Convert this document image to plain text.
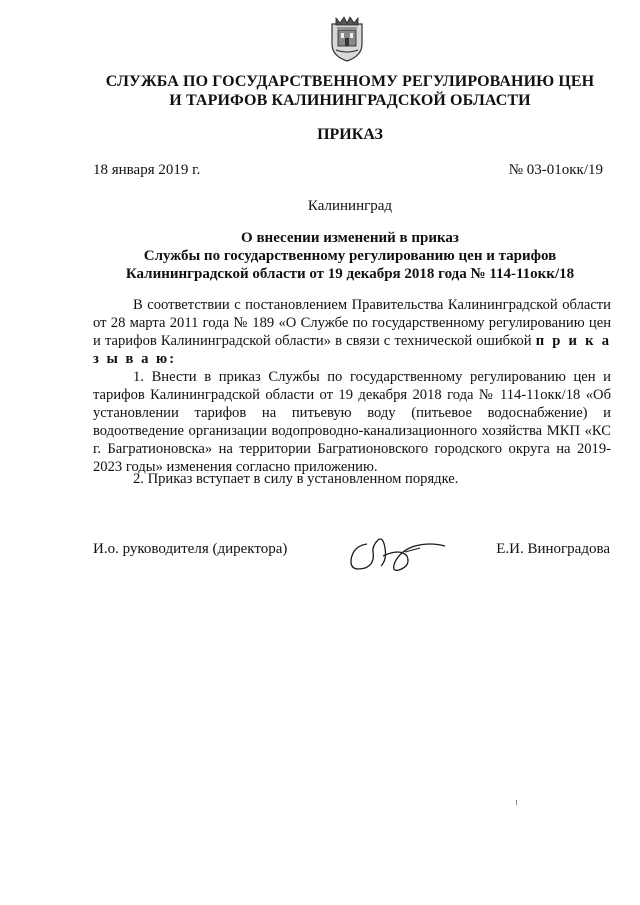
СЛУЖБА ПО ГОСУДАРСТВЕННОМУ РЕГУЛИРОВАНИЮ ЦЕН
И ТАРИФОВ КАЛИНИНГРАДСКОЙ ОБЛАСТИ
ПРИКАЗ
18 января 2019 г.	№ 03-01окк/19
Калининград
О внесении изменений в приказ
Службы по государственному регулированию цен и тарифов
Калининградской области от 19 декабря 2018 года № 114-11окк/18
В соответствии с постановлением Правительства Калининградской области от 28 марта 2011 года № 189 «О Службе по государственному регулированию цен и тарифов Калининградской области» в связи с технической ошибкой п р и к а з ы в а ю:
1. Внести в приказ Службы по государственному регулированию цен и тарифов Калининградской области от 19 декабря 2018 года № 114-11окк/18 «Об установлении тарифов на питьевую воду (питьевое водоснабжение) и водоотведение организации водопроводно-канализационного хозяйства МКП «КС г. Багратионовска» на территории Багратионовского городского округа на 2019-2023 годы» изменения согласно приложению.
2. Приказ вступает в силу в установленном порядке.
И.о. руководителя (директора)	Е.И. Виноградова
